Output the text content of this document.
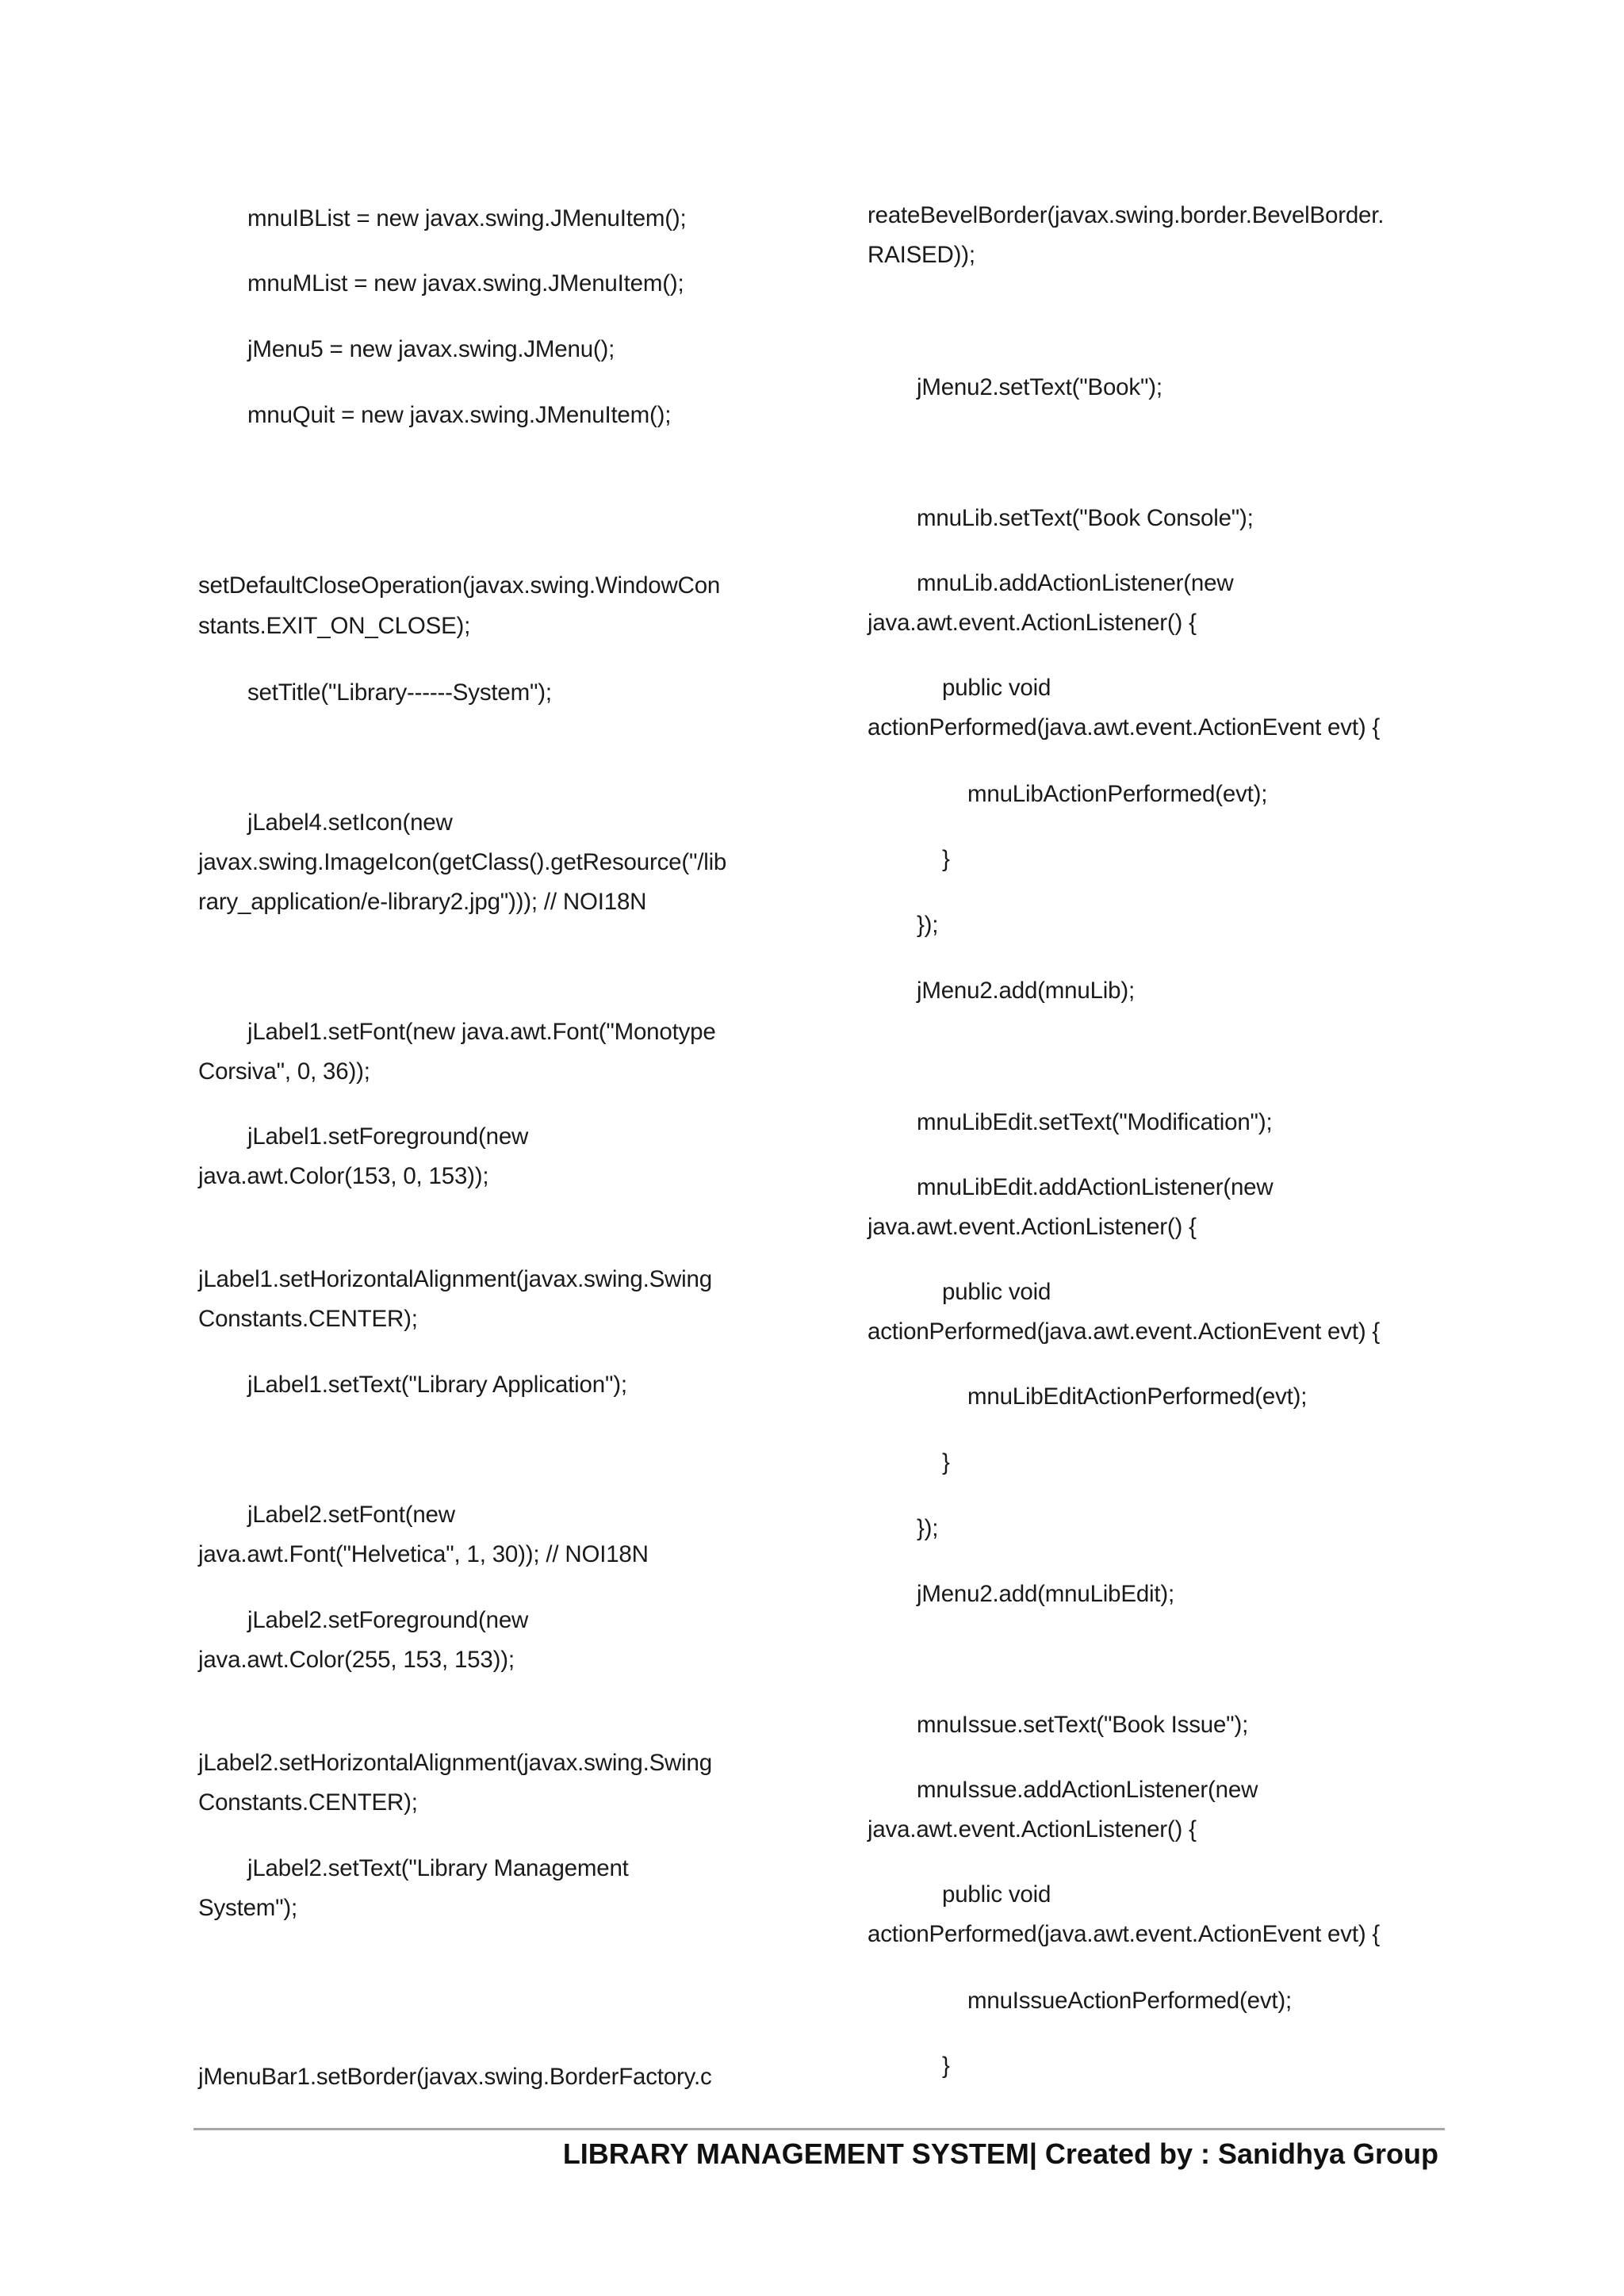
mnuIBList = new javax.swing.JMenuItem();
mnuMList = new javax.swing.JMenuItem();
jMenu5 = new javax.swing.JMenu();
mnuQuit = new javax.swing.JMenuItem();
setDefaultCloseOperation(javax.swing.WindowCon
stants.EXIT_ON_CLOSE);
setTitle("Library------System");
jLabel4.setIcon(new
javax.swing.ImageIcon(getClass().getResource("/lib
rary_application/e-library2.jpg"))); // NOI18N
jLabel1.setFont(new java.awt.Font("Monotype
Corsiva", 0, 36));
jLabel1.setForeground(new
java.awt.Color(153, 0, 153));
jLabel1.setHorizontalAlignment(javax.swing.Swing
Constants.CENTER);
jLabel1.setText("Library Application");
jLabel2.setFont(new
java.awt.Font("Helvetica", 1, 30)); // NOI18N
jLabel2.setForeground(new
java.awt.Color(255, 153, 153));
jLabel2.setHorizontalAlignment(javax.swing.Swing
Constants.CENTER);
jLabel2.setText("Library Management
System");
jMenuBar1.setBorder(javax.swing.BorderFactory.c
reateBevelBorder(javax.swing.border.BevelBorder.
RAISED));
jMenu2.setText("Book");
mnuLib.setText("Book Console");
mnuLib.addActionListener(new
java.awt.event.ActionListener() {
public void
actionPerformed(java.awt.event.ActionEvent evt) {
mnuLibActionPerformed(evt);
}
});
jMenu2.add(mnuLib);
mnuLibEdit.setText("Modification");
mnuLibEdit.addActionListener(new
java.awt.event.ActionListener() {
public void
actionPerformed(java.awt.event.ActionEvent evt) {
mnuLibEditActionPerformed(evt);
}
});
jMenu2.add(mnuLibEdit);
mnuIssue.setText("Book Issue");
mnuIssue.addActionListener(new
java.awt.event.ActionListener() {
public void
actionPerformed(java.awt.event.ActionEvent evt) {
mnuIssueActionPerformed(evt);
}
LIBRARY MANAGEMENT SYSTEM| Created by : Sanidhya Group
